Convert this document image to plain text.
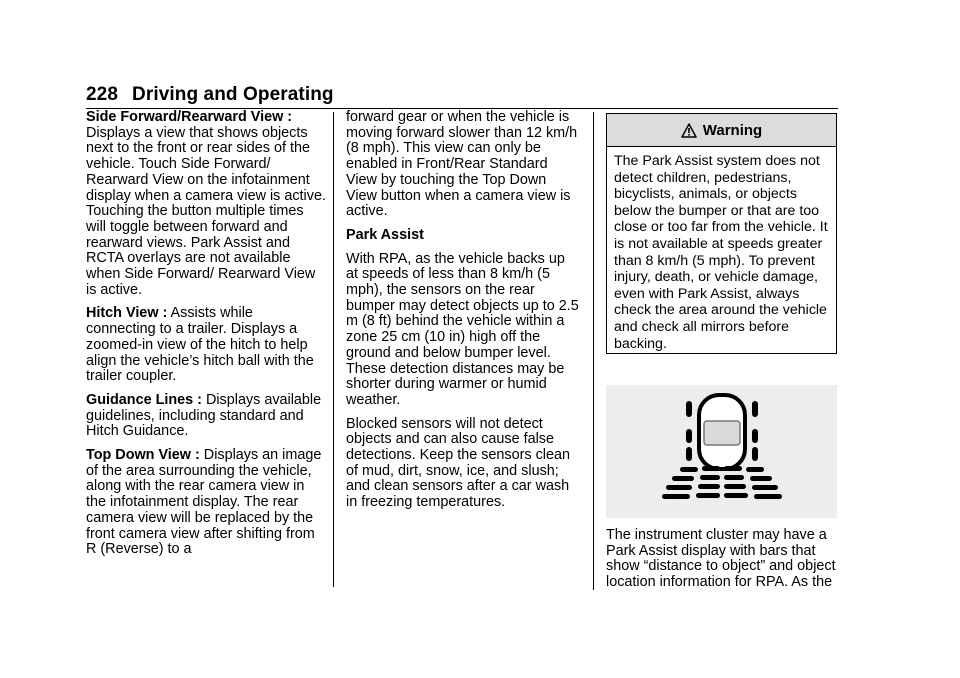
228 Driving and Operating

Side Forward/Rearward View :
Displays a view that shows objects next to the front or rear sides of the vehicle. Touch Side Forward/ Rearward View on the infotainment display when a camera view is active. Touching the button multiple times will toggle between forward and rearward views. Park Assist and RCTA overlays are not available when Side Forward/ Rearward View is active.

Hitch View : Assists while connecting to a trailer. Displays a zoomed-in view of the hitch to help align the vehicle’s hitch ball with the trailer coupler.

Guidance Lines : Displays available guidelines, including standard and Hitch Guidance.

Top Down View : Displays an image of the area surrounding the vehicle, along with the rear camera view in the infotainment display. The rear camera view will be replaced by the front camera view after shifting from R (Reverse) to a

forward gear or when the vehicle is moving forward slower than 12 km/h (8 mph). This view can only be enabled in Front/Rear Standard View by touching the Top Down View button when a camera view is active.

Park Assist

With RPA, as the vehicle backs up at speeds of less than 8 km/h (5 mph), the sensors on the rear bumper may detect objects up to 2.5 m (8 ft) behind the vehicle within a zone 25 cm (10 in) high off the ground and below bumper level. These detection distances may be shorter during warmer or humid weather.

Blocked sensors will not detect objects and can also cause false detections. Keep the sensors clean of mud, dirt, snow, ice, and slush; and clean sensors after a car wash in freezing temperatures.

Warning
The Park Assist system does not detect children, pedestrians, bicyclists, animals, or objects below the bumper or that are too close or too far from the vehicle. It is not available at speeds greater than 8 km/h (5 mph). To prevent injury, death, or vehicle damage, even with Park Assist, always check the area around the vehicle and check all mirrors before backing.
The instrument cluster may have a Park Assist display with bars that show “distance to object” and object location information for RPA. As the
